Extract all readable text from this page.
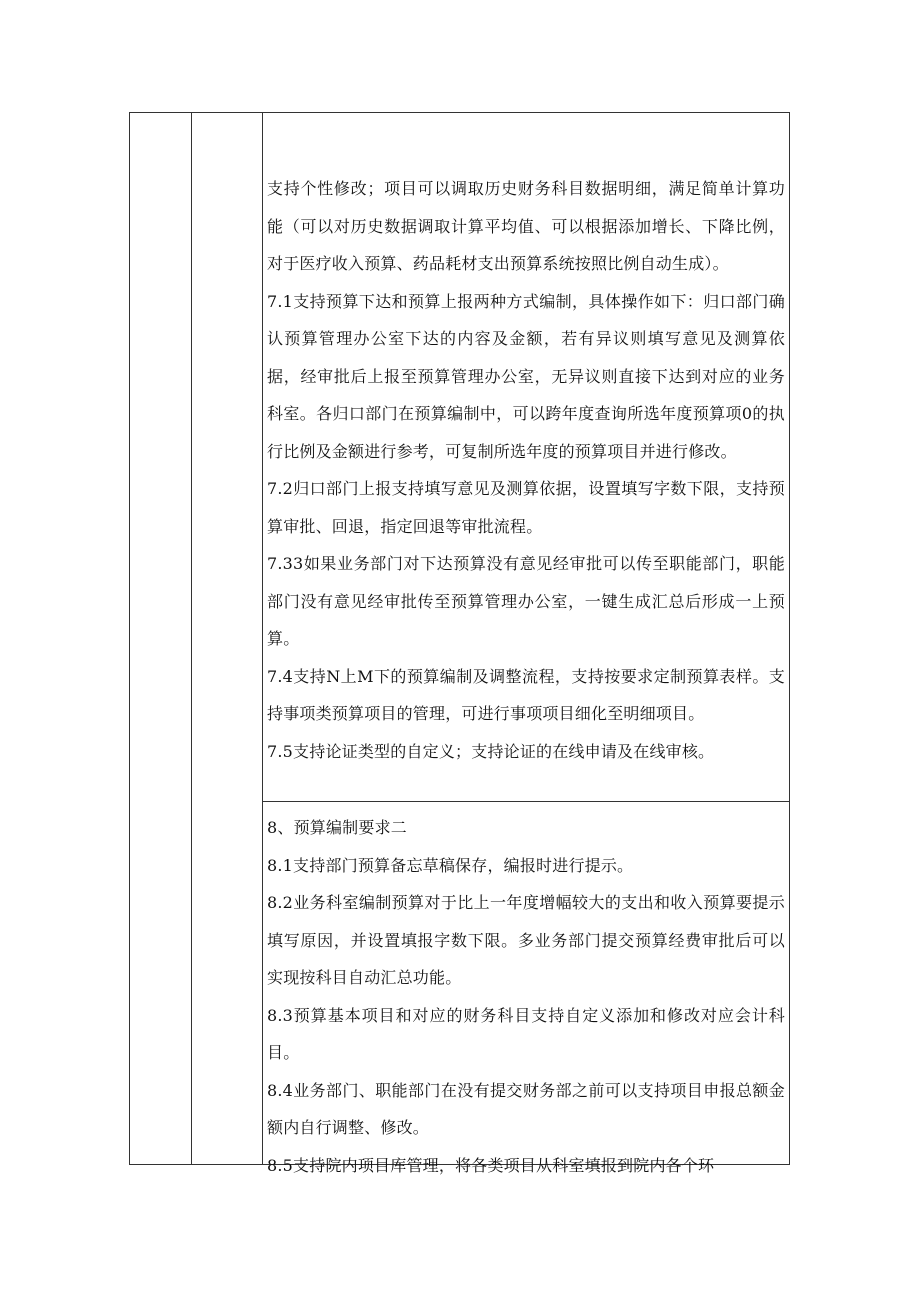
支持个性修改；项目可以调取历史财务科目数据明细，满足简单计算功能（可以对历史数据调取计算平均值、可以根据添加增长、下降比例，对于医疗收入预算、药品耗材支出预算系统按照比例自动生成）。

7.1支持预算下达和预算上报两种方式编制，具体操作如下：归口部门确认预算管理办公室下达的内容及金额，若有异议则填写意见及测算依据，经审批后上报至预算管理办公室，无异议则直接下达到对应的业务科室。各归口部门在预算编制中，可以跨年度查询所选年度预算项0的执行比例及金额进行参考，可复制所选年度的预算项目并进行修改。

7.2归口部门上报支持填写意见及测算依据，设置填写字数下限，支持预算审批、回退，指定回退等审批流程。

7.33如果业务部门对下达预算没有意见经审批可以传至职能部门，职能部门没有意见经审批传至预算管理办公室，一键生成汇总后形成一上预算。

7.4支持N上M下的预算编制及调整流程，支持按要求定制预算表样。支持事项类预算项目的管理，可进行事项项目细化至明细项目。

7.5支持论证类型的自定义；支持论证的在线申请及在线审核。

8、预算编制要求二

8.1支持部门预算备忘草稿保存，编报时进行提示。

8.2业务科室编制预算对于比上一年度增幅较大的支出和收入预算要提示填写原因，并设置填报字数下限。多业务部门提交预算经费审批后可以实现按科目自动汇总功能。

8.3预算基本项目和对应的财务科目支持自定义添加和修改对应会计科目。

8.4业务部门、职能部门在没有提交财务部之前可以支持项目申报总额金额内自行调整、修改。

8.5支持院内项目库管理，将各类项目从科室填报到院内各个环
